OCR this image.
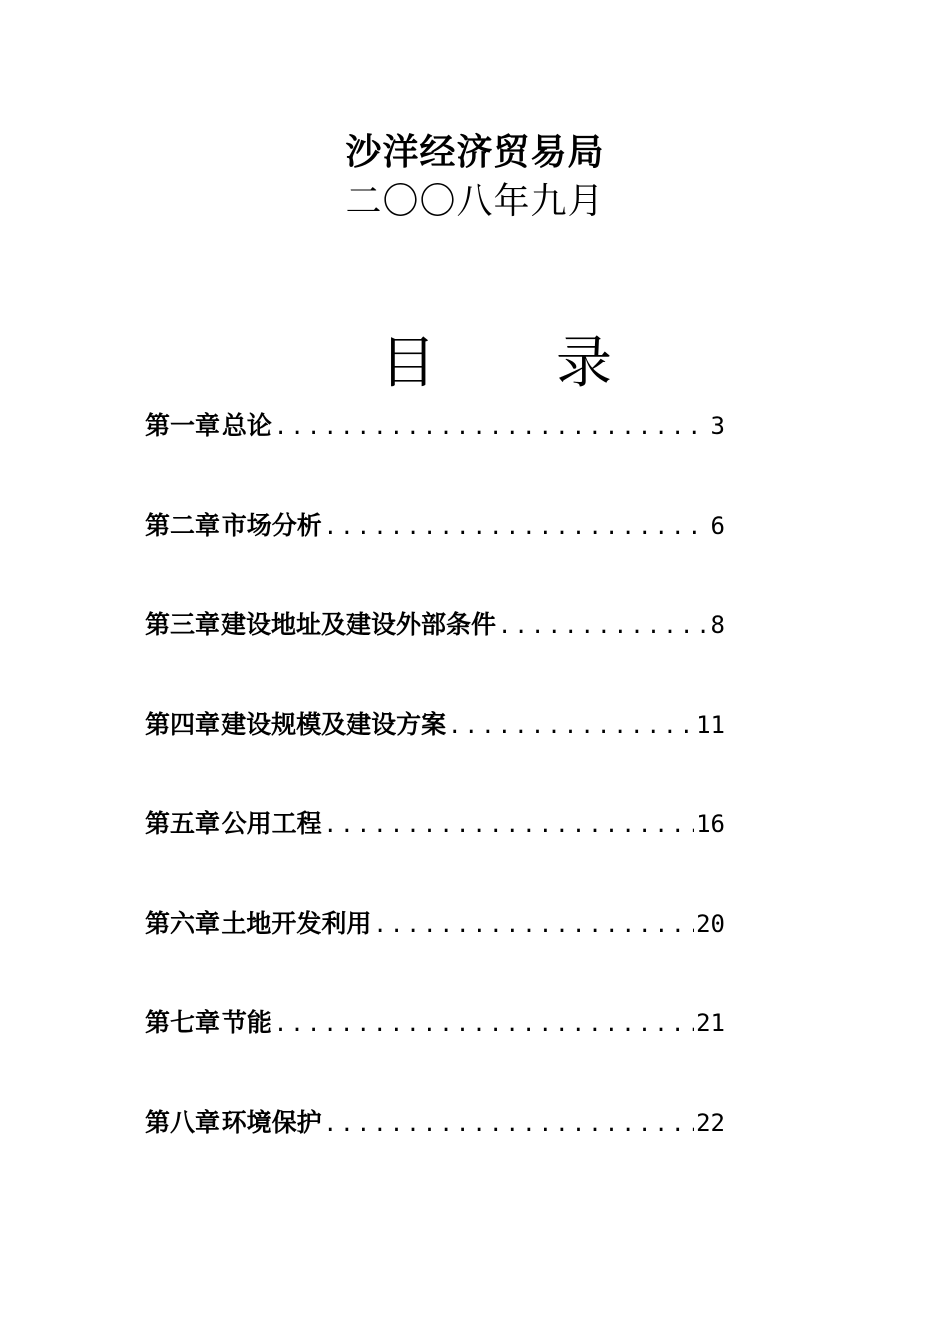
沙洋经济贸易局
二〇〇八年九月
目 录
第一章 总论 .....	3
第二章 市场分析 .....	6
第三章 建设地址及建设外部条件 .....	8
第四章 建设规模及建设方案 .....	11
第五章 公用工程 .....	16
第六章 土地开发利用 .....	20
第七章 节能 .....	21
第八章 环境保护 .....	22
